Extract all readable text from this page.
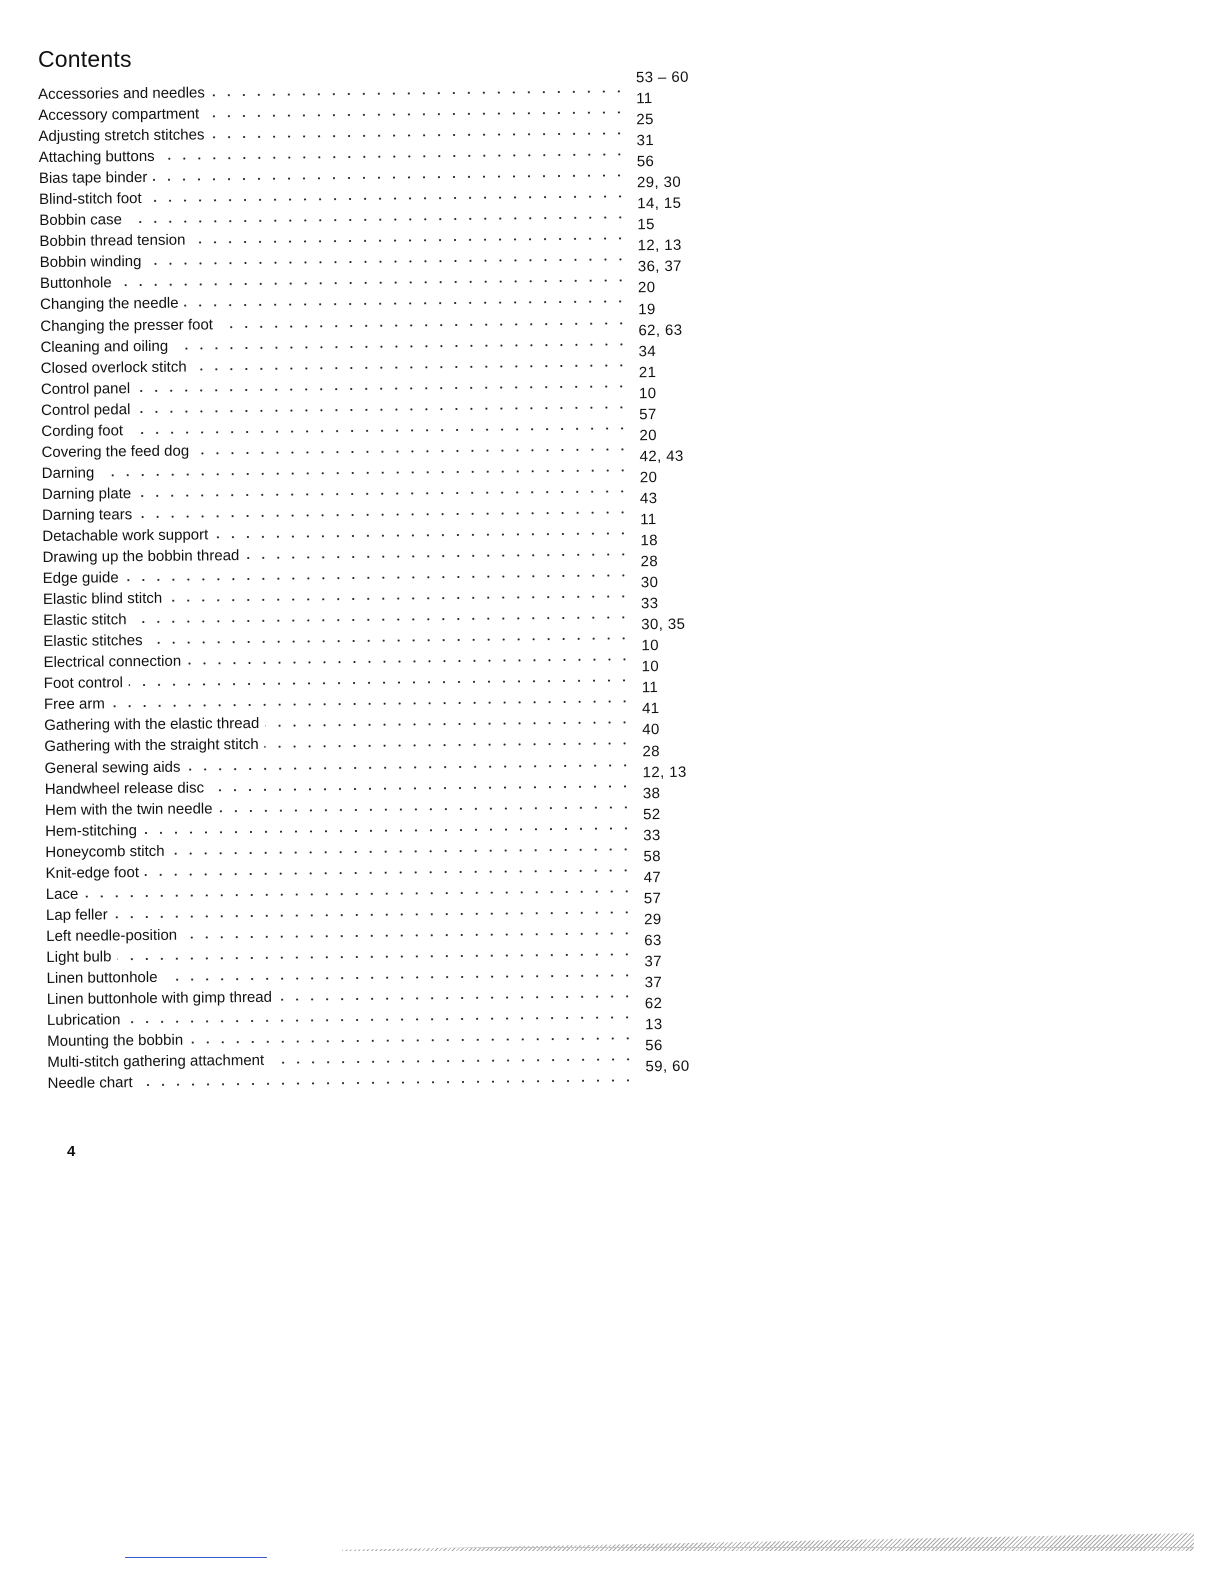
Contents
Accessories and needles
53 – 60
Accessory compartment
11
Adjusting stretch stitches
25
Attaching buttons
31
Bias tape binder
56
Blind-stitch foot
29, 30
Bobbin case
14, 15
Bobbin thread tension
15
Bobbin winding
12, 13
Buttonhole
36, 37
Changing the needle
20
Changing the presser foot
19
Cleaning and oiling
62, 63
Closed overlock stitch
34
Control panel
21
Control pedal
10
Cording foot
57
Covering the feed dog
20
Darning
42, 43
Darning plate
20
Darning tears
43
Detachable work support
11
Drawing up the bobbin thread
18
Edge guide
28
Elastic blind stitch
30
Elastic stitch
33
Elastic stitches
30, 35
Electrical connection
10
Foot control
10
Free arm
11
Gathering with the elastic thread
41
Gathering with the straight stitch
40
General sewing aids
28
Handwheel release disc
12, 13
Hem with the twin needle
38
Hem-stitching
52
Honeycomb stitch
33
Knit-edge foot
58
Lace
47
Lap feller
57
Left needle-position
29
Light bulb
63
Linen buttonhole
37
Linen buttonhole with gimp thread
37
Lubrication
62
Mounting the bobbin
13
Multi-stitch gathering attachment
56
Needle chart
59, 60
4
